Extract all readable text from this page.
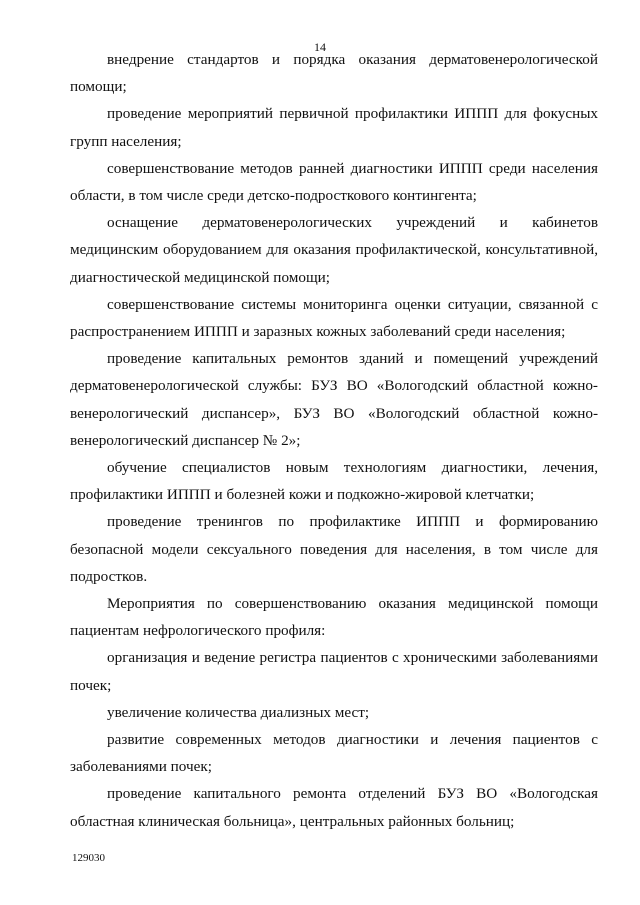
14

внедрение стандартов и порядка оказания дерматовенерологической помощи;

проведение мероприятий первичной профилактики ИППП для фокусных групп населения;

совершенствование методов ранней диагностики ИППП среди населения области, в том числе среди детско-подросткового контингента;

оснащение дерматовенерологических учреждений и кабинетов медицинским оборудованием для оказания профилактической, консультативной, диагностической медицинской помощи;

совершенствование системы мониторинга оценки ситуации, связанной с распространением ИППП и заразных кожных заболеваний среди населения;

проведение капитальных ремонтов зданий и помещений учреждений дерматовенерологической службы: БУЗ ВО «Вологодский областной кожно-венерологический диспансер», БУЗ ВО «Вологодский областной кожно-венерологический диспансер № 2»;

обучение специалистов новым технологиям диагностики, лечения, профилактики ИППП и болезней кожи и подкожно-жировой клетчатки;

проведение тренингов по профилактике ИППП и формированию безопасной модели сексуального поведения для населения, в том числе для подростков.

Мероприятия по совершенствованию оказания медицинской помощи пациентам нефрологического профиля:

организация и ведение регистра пациентов с хроническими заболеваниями почек;

увеличение количества диализных мест;

развитие современных методов диагностики и лечения пациентов с заболеваниями почек;

проведение капитального ремонта отделений БУЗ ВО «Вологодская областная клиническая больница», центральных районных больниц;

129030
